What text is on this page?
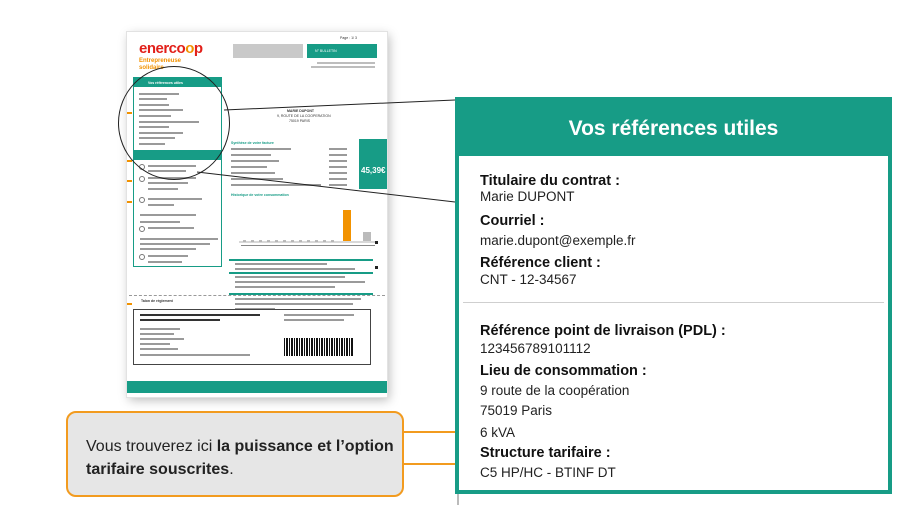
enercoop
Entrepreneuse
solidaire
Page : 1/ 3
N° BULLETIN
Vos références utiles
MARIE DUPONT
9, ROUTE DE LA COOPERATION
75019 PARIS
Synthèse de votre facture
45,39€
Historique de votre consommation
Talon de règlement
Vos références utiles
Titulaire du contrat :
Marie DUPONT
Courriel :
marie.dupont@exemple.fr
Référence client :
CNT - 12-34567
Référence point de livraison (PDL) :
123456789101112
Lieu de consommation :
9 route de la coopération
75019 Paris
6 kVA
Structure tarifaire :
C5 HP/HC - BTINF DT
Vous trouverez ici la puissance et l’option tarifaire souscrites.
